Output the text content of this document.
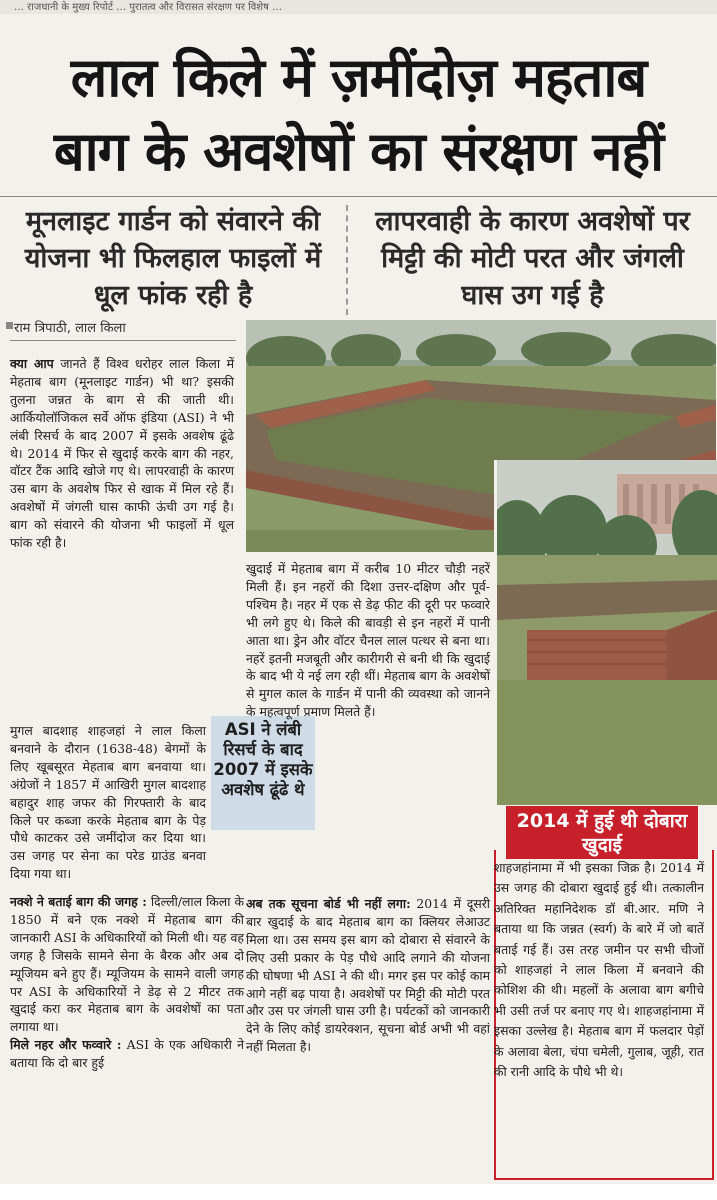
… राजधानी के मुख्य रिपोर्ट … पुरातत्व और विरासत संरक्षण पर विशेष …
लाल किले में ज़मींदोज़ महताब
बाग के अवशेषों का संरक्षण नहीं
मूनलाइट गार्डन को संवारने की योजना भी फिलहाल फाइलों में धूल फांक रही है
लापरवाही के कारण अवशेषों पर मिट्टी की मोटी परत और जंगली घास उग गई है
राम त्रिपाठी, लाल किला
क्या आप जानते हैं विश्व धरोहर लाल किला में मेहताब बाग (मूनलाइट गार्डन) भी था? इसकी तुलना जन्नत के बाग से की जाती थी। आर्कियोलॉजिकल सर्वे ऑफ इंडिया (ASI) ने भी लंबी रिसर्च के बाद 2007 में इसके अवशेष ढूंढे थे। 2014 में फिर से खुदाई करके बाग की नहर, वॉटर टैंक आदि खोजे गए थे। लापरवाही के कारण उस बाग के अवशेष फिर से खाक में मिल रहे हैं। अवशेषों में जंगली घास काफी ऊंची उग गई है। बाग को संवारने की योजना भी फाइलों में धूल फांक रही है।
मुगल बादशाह शाहजहां ने लाल किला बनवाने के दौरान (1638-48) बेगमों के लिए खूबसूरत मेहताब बाग बनवाया था। अंग्रेजों ने 1857 में आखिरी मुगल बादशाह बहादुर शाह जफर की गिरफ्तारी के बाद किले पर कब्जा करके मेहताब बाग के पेड़ पौधे काटकर उसे जमींदोज कर दिया था। उस जगह पर सेना का परेड ग्राउंड बनवा दिया गया था।
ASI ने लंबी रिसर्च के बाद 2007 में इसके अवशेष ढूंढे थे
नक्शे ने बताई बाग की जगह : दिल्ली/लाल किला के 1850 में बने एक नक्शे में मेहताब बाग की जानकारी ASI के अधिकारियों को मिली थी। यह वह जगह है जिसके सामने सेना के बैरक और अब दो म्यूजियम बने हुए हैं। म्यूजियम के सामने वाली जगह पर ASI के अधिकारियों ने डेढ़ से 2 मीटर तक खुदाई करा कर मेहताब बाग के अवशेषों का पता लगाया था।
मिले नहर और फव्वारे : ASI के एक अधिकारी ने बताया कि दो बार हुई
खुदाई में मेहताब बाग में करीब 10 मीटर चौड़ी नहरें मिली हैं। इन नहरों की दिशा उत्तर-दक्षिण और पूर्व-पश्चिम है। नहर में एक से डेढ़ फीट की दूरी पर फव्वारे भी लगे हुए थे। किले की बावड़ी से इन नहरों में पानी आता था। ड्रेन और वॉटर चैनल लाल पत्थर से बना था। नहरें इतनी मजबूती और कारीगरी से बनी थी कि खुदाई के बाद भी ये नई लग रही थीं। मेहताब बाग के अवशेषों से मुगल काल के गार्डन में पानी की व्यवस्था को जानने के महत्वपूर्ण प्रमाण मिलते हैं।
अब तक सूचना बोर्ड भी नहीं लगा: 2014 में दूसरी बार खुदाई के बाद मेहताब बाग का क्लियर लेआउट मिला था। उस समय इस बाग को दोबारा से संवारने के लिए उसी प्रकार के पेड़ पौधे आदि लगाने की योजना की घोषणा भी ASI ने की थी। मगर इस पर कोई काम आगे नहीं बढ़ पाया है। अवशेषों पर मिट्टी की मोटी परत और उस पर जंगली घास उगी है। पर्यटकों को जानकारी देने के लिए कोई डायरेक्शन, सूचना बोर्ड अभी भी वहां नहीं मिलता है।
2014 में हुई थी दोबारा खुदाई
शाहजहांनामा में भी इसका जिक्र है। 2014 में उस जगह की दोबारा खुदाई हुई थी। तत्कालीन अतिरिक्त महानिदेशक डॉ बी.आर. मणि ने बताया था कि जन्नत (स्वर्ग) के बारे में जो बातें बताई गई हैं। उस तरह जमीन पर सभी चीजों को शाहजहां ने लाल किला में बनवाने की कोशिश की थी। महलों के अलावा बाग बगीचे भी उसी तर्ज पर बनाए गए थे। शाहजहांनामा में इसका उल्लेख है। मेहताब बाग में फलदार पेड़ों के अलावा बेला, चंपा चमेली, गुलाब, जूही, रात की रानी आदि के पौधे भी थे।
